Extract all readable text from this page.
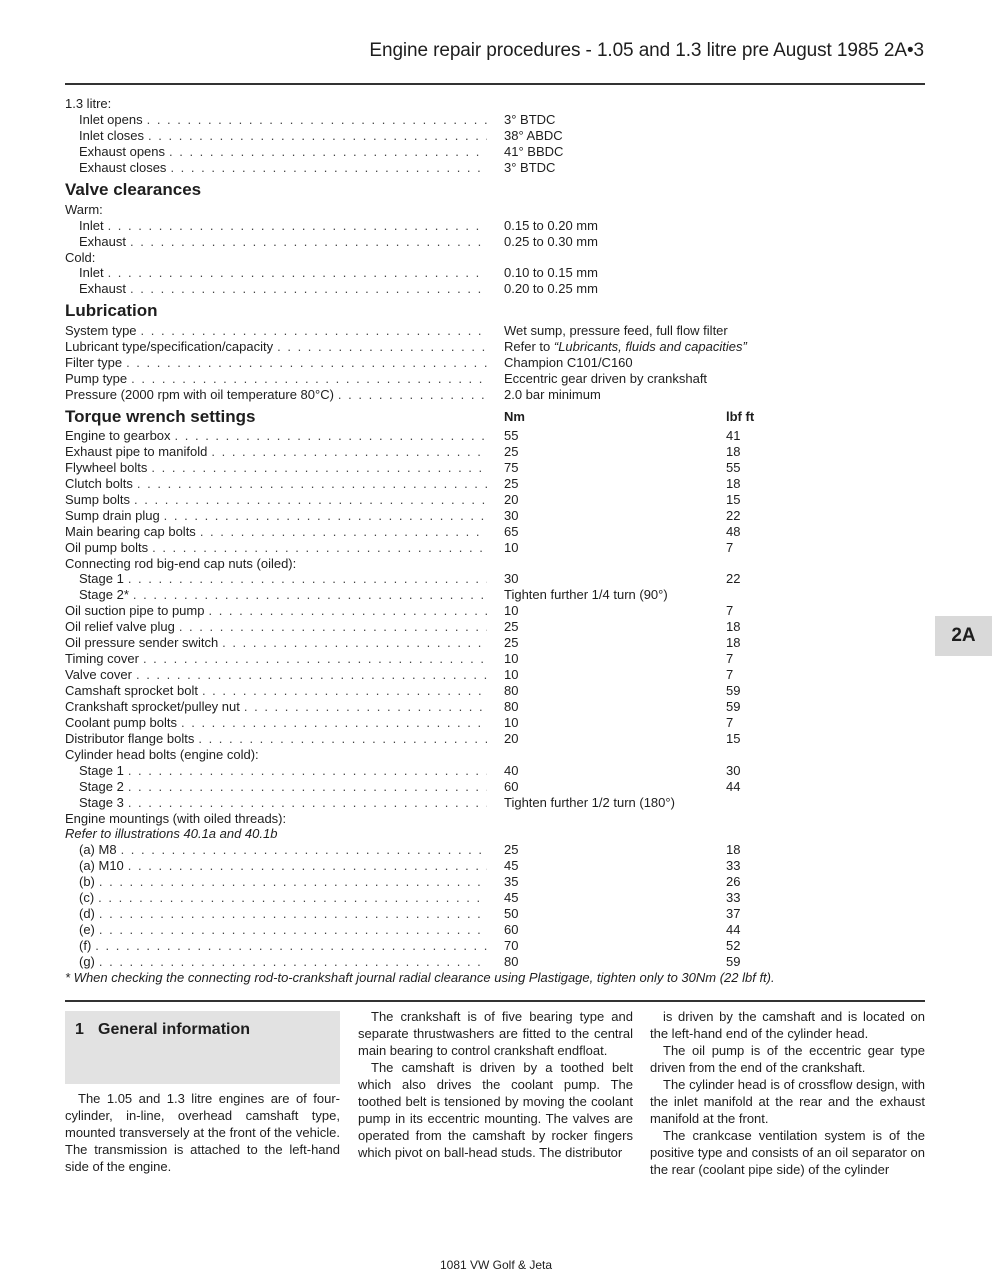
Engine repair procedures - 1.05 and 1.3 litre pre August 1985 2A•3
2A
1.3 litre:
Inlet opens . . .	3° BTDC
Inlet closes . . .	38° ABDC
Exhaust opens . . .	41° BBDC
Exhaust closes . . .	3° BTDC
Valve clearances
Warm:
Inlet . . .	0.15 to 0.20 mm
Exhaust . . .	0.25 to 0.30 mm
Cold:
Inlet . . .	0.10 to 0.15 mm
Exhaust . . .	0.20 to 0.25 mm
Lubrication
System type . . .	Wet sump, pressure feed, full flow filter
Lubricant type/specification/capacity . . .	Refer to “Lubricants, fluids and capacities”
Filter type . . .	Champion C101/C160
Pump type . . .	Eccentric gear driven by crankshaft
Pressure (2000 rpm with oil temperature 80°C) . . .	2.0 bar minimum
Torque wrench settings	Nm	lbf ft
Engine to gearbox . . .	55	41
Exhaust pipe to manifold . . .	25	18
Flywheel bolts . . .	75	55
Clutch bolts . . .	25	18
Sump bolts . . .	20	15
Sump drain plug . . .	30	22
Main bearing cap bolts . . .	65	48
Oil pump bolts . . .	10	7
Connecting rod big-end cap nuts (oiled):
Stage 1 . . .	30	22
Stage 2* . . .	Tighten further 1/4 turn (90°)
Oil suction pipe to pump . . .	10	7
Oil relief valve plug . . .	25	18
Oil pressure sender switch . . .	25	18
Timing cover . . .	10	7
Valve cover . . .	10	7
Camshaft sprocket bolt . . .	80	59
Crankshaft sprocket/pulley nut . . .	80	59
Coolant pump bolts . . .	10	7
Distributor flange bolts . . .	20	15
Cylinder head bolts (engine cold):
Stage 1 . . .	40	30
Stage 2 . . .	60	44
Stage 3 . . .	Tighten further 1/2 turn (180°)
Engine mountings (with oiled threads):
Refer to illustrations 40.1a and 40.1b
(a) M8 . . .	25	18
(a) M10 . . .	45	33
(b) . . .	35	26
(c) . . .	45	33
(d) . . .	50	37
(e) . . .	60	44
(f) . . .	70	52
(g) . . .	80	59
* When checking the connecting rod-to-crankshaft journal radial clearance using Plastigage, tighten only to 30Nm (22 lbf ft).
1 General information

The 1.05 and 1.3 litre engines are of four-cylinder, in-line, overhead camshaft type, mounted transversely at the front of the vehicle. The transmission is attached to the left-hand side of the engine.

The crankshaft is of five bearing type and separate thrustwashers are fitted to the central main bearing to control crankshaft endfloat.

The camshaft is driven by a toothed belt which also drives the coolant pump. The toothed belt is tensioned by moving the coolant pump in its eccentric mounting. The valves are operated from the camshaft by rocker fingers which pivot on ball-head studs. The distributor

is driven by the camshaft and is located on the left-hand end of the cylinder head.

The oil pump is of the eccentric gear type driven from the end of the crankshaft.

The cylinder head is of crossflow design, with the inlet manifold at the rear and the exhaust manifold at the front.

The crankcase ventilation system is of the positive type and consists of an oil separator on the rear (coolant pipe side) of the cylinder

1081 VW Golf & Jeta
